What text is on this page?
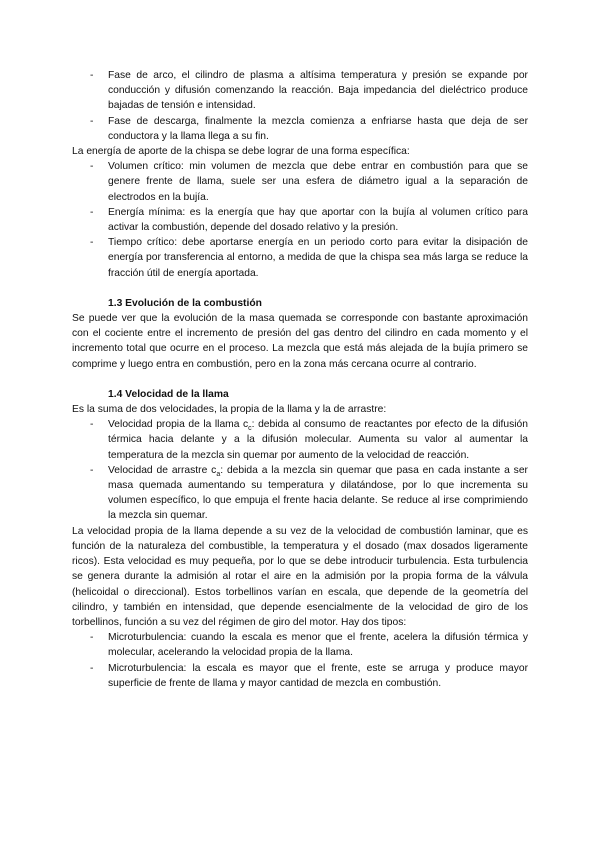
- Fase de arco, el cilindro de plasma a altísima temperatura y presión se expande por conducción y difusión comenzando la reacción. Baja impedancia del dieléctrico produce bajadas de tensión e intensidad.
- Fase de descarga, finalmente la mezcla comienza a enfriarse hasta que deja de ser conductora y la llama llega a su fin.

La energía de aporte de la chispa se debe lograr de una forma específica:

- Volumen crítico: min volumen de mezcla que debe entrar en combustión para que se genere frente de llama, suele ser una esfera de diámetro igual a la separación de electrodos en la bujía.
- Energía mínima: es la energía que hay que aportar con la bujía al volumen crítico para activar la combustión, depende del dosado relativo y la presión.
- Tiempo crítico: debe aportarse energía en un periodo corto para evitar la disipación de energía por transferencia al entorno, a medida de que la chispa sea más larga se reduce la fracción útil de energía aportada.
1.3 Evolución de la combustión

Se puede ver que la evolución de la masa quemada se corresponde con bastante aproximación con el cociente entre el incremento de presión del gas dentro del cilindro en cada momento y el incremento total que ocurre en el proceso. La mezcla que está más alejada de la bujía primero se comprime y luego entra en combustión, pero en la zona más cercana ocurre al contrario.

1.4 Velocidad de la llama

Es la suma de dos velocidades, la propia de la llama y la de arrastre:

- Velocidad propia de la llama $c_c$: debida al consumo de reactantes por efecto de la difusión térmica hacia delante y a la difusión molecular. Aumenta su valor al aumentar la temperatura de la mezcla sin quemar por aumento de la velocidad de reacción.
- Velocidad de arrastre $c_a$: debida a la mezcla sin quemar que pasa en cada instante a ser masa quemada aumentando su temperatura y dilatándose, por lo que incrementa su volumen específico, lo que empuja el frente hacia delante. Se reduce al irse comprimiendo la mezcla sin quemar.

La velocidad propia de la llama depende a su vez de la velocidad de combustión laminar, que es función de la naturaleza del combustible, la temperatura y el dosado (max dosados ligeramente ricos). Esta velocidad es muy pequeña, por lo que se debe introducir turbulencia. Esta turbulencia se genera durante la admisión al rotar el aire en la admisión por la propia forma de la válvula (helicoidal o direccional). Estos torbellinos varían en escala, que depende de la geometría del cilindro, y también en intensidad, que depende esencialmente de la velocidad de giro de los torbellinos, función a su vez del régimen de giro del motor. Hay dos tipos:

- Microturbulencia: cuando la escala es menor que el frente, acelera la difusión térmica y molecular, acelerando la velocidad propia de la llama.
- Microturbulencia: la escala es mayor que el frente, este se arruga y produce mayor superficie de frente de llama y mayor cantidad de mezcla en combustión.
